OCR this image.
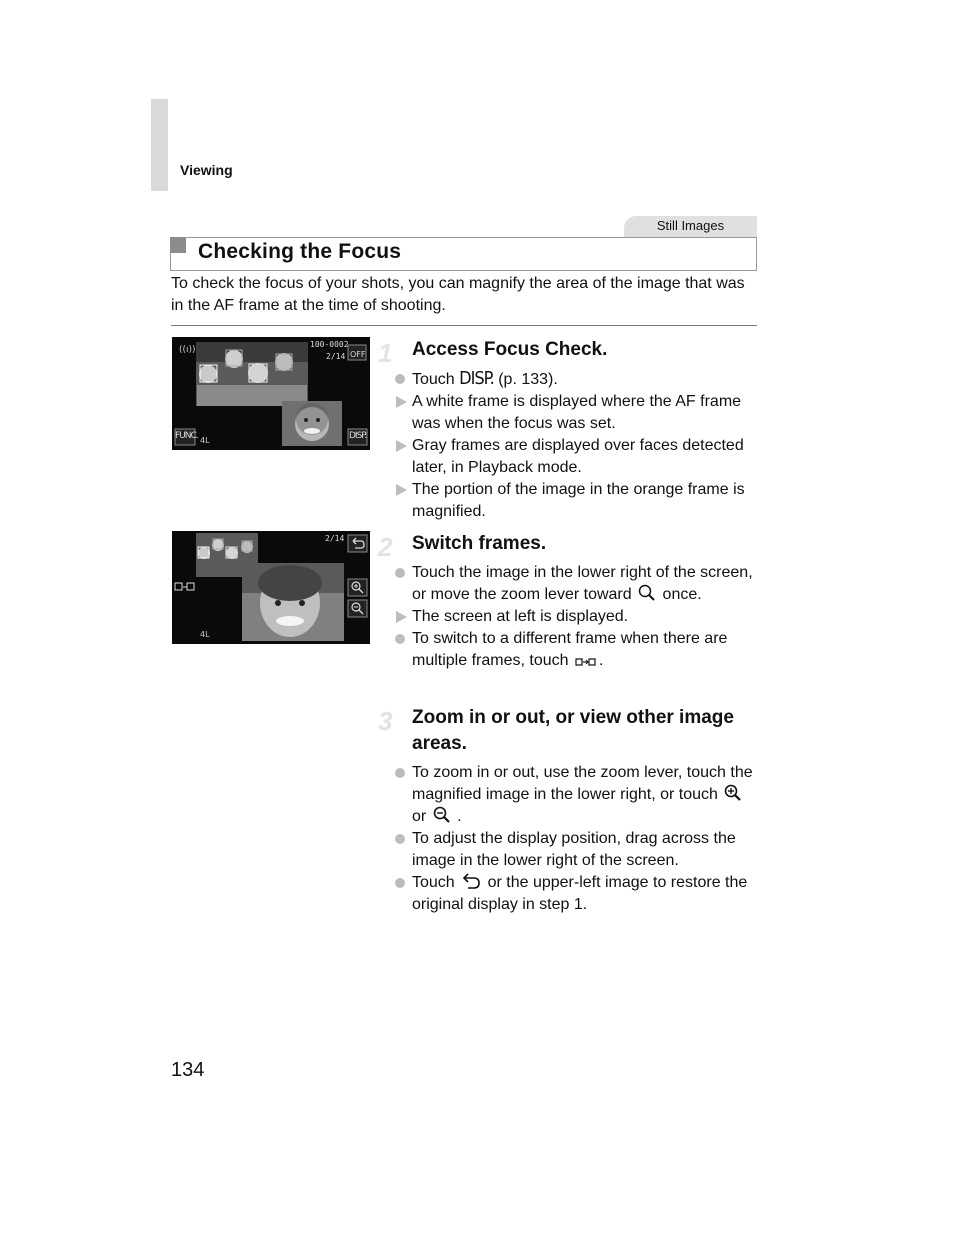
Viewing
Still Images
Checking the Focus
To check the focus of your shots, you can magnify the area of the image that was in the AF frame at the time of shooting.
OFF
((ı))
100-0002
2/14
FUNC.	DISP.
4L
2/14
4L
1 Access Focus Check.
Touch DISP. (p. 133).
A white frame is displayed where the AF frame was when the focus was set.
Gray frames are displayed over faces detected later, in Playback mode.
The portion of the image in the orange frame is magnified.
2 Switch frames.
Touch the image in the lower right of the screen, or move the zoom lever toward  once.
The screen at left is displayed.
To switch to a different frame when there are multiple frames, touch .
3 Zoom in or out, or view other image areas.
To zoom in or out, use the zoom lever, touch the magnified image in the lower right, or touch  or  .
To adjust the display position, drag across the image in the lower right of the screen.
Touch  or the upper-left image to restore the original display in step 1.
134
